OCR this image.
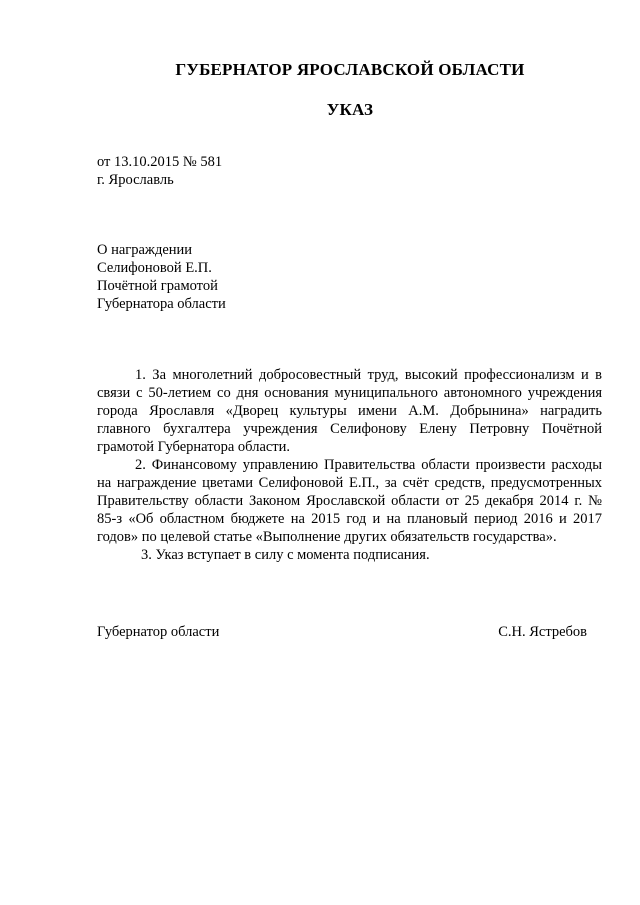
ГУБЕРНАТОР ЯРОСЛАВСКОЙ ОБЛАСТИ
УКАЗ
от 13.10.2015 № 581
г. Ярославль
О награждении
Селифоновой Е.П.
Почётной грамотой
Губернатора области

1. За многолетний добросовестный труд, высокий профессионализм и в связи с 50-летием со дня основания муниципального автономного учреждения города Ярославля «Дворец культуры имени А.М. Добрынина» наградить главного бухгалтера учреждения Селифонову Елену Петровну Почётной грамотой Губернатора области.

2. Финансовому управлению Правительства области произвести расходы на награждение цветами Селифоновой Е.П., за счёт средств, предусмотренных Правительству области Законом Ярославской области от 25 декабря 2014 г. № 85-з «Об областном бюджете на 2015 год и на плановый период 2016 и 2017 годов» по целевой статье «Выполнение других обязательств государства».

3. Указ вступает в силу с момента подписания.

Губернатор области	С.Н. Ястребов
